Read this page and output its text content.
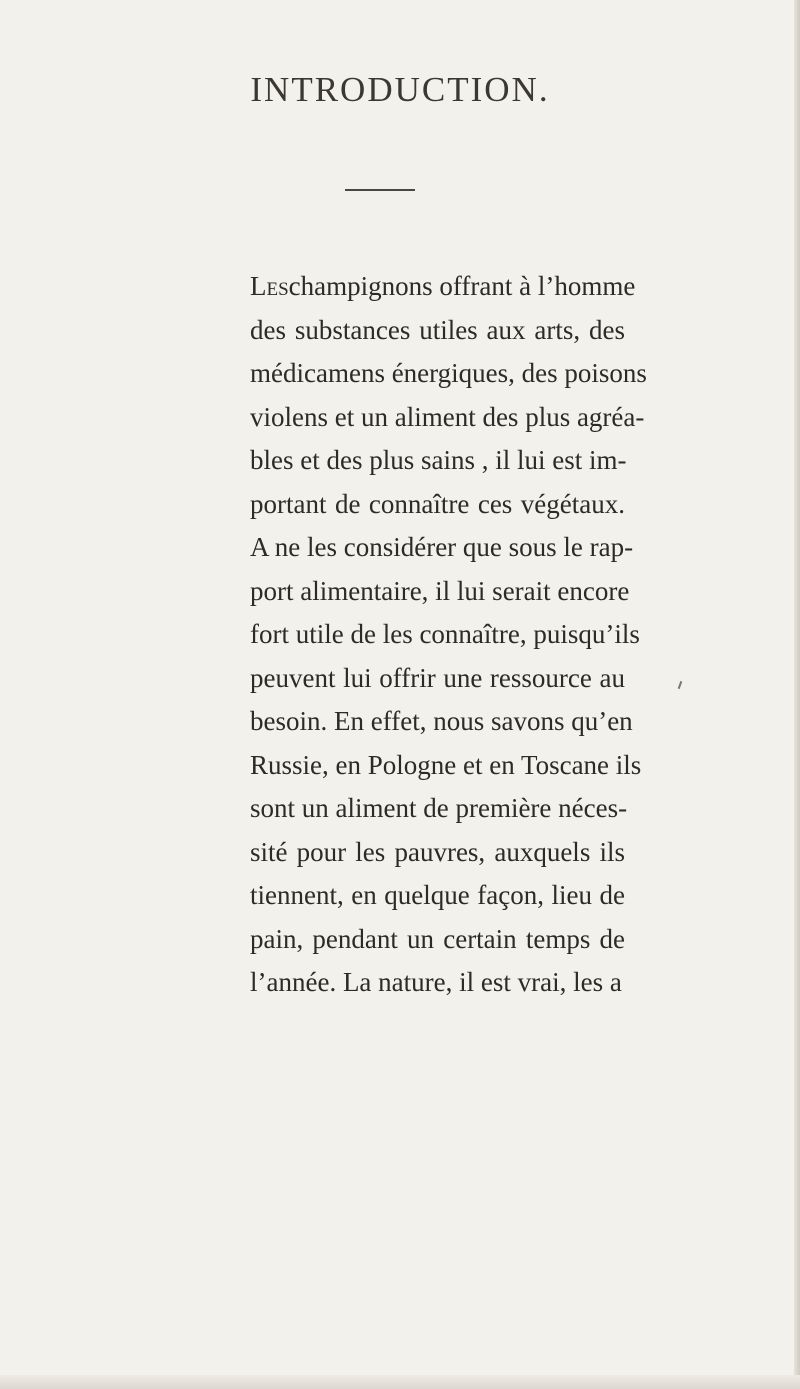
INTRODUCTION.
Leschampignons offrant à l’homme
des substances utiles aux arts, des
médicamens énergiques, des poisons
violens et un aliment des plus agréa-
bles et des plus sains , il lui est im-
portant de connaître ces végétaux.
A ne les considérer que sous le rap-
port alimentaire, il lui serait encore
fort utile de les connaître, puisqu’ils
peuvent lui offrir une ressource au
besoin. En effet, nous savons qu’en
Russie, en Pologne et en Toscane ils
sont un aliment de première néces-
sité pour les pauvres, auxquels ils
tiennent, en quelque façon, lieu de
pain, pendant un certain temps de
l’année. La nature, il est vrai, les a
